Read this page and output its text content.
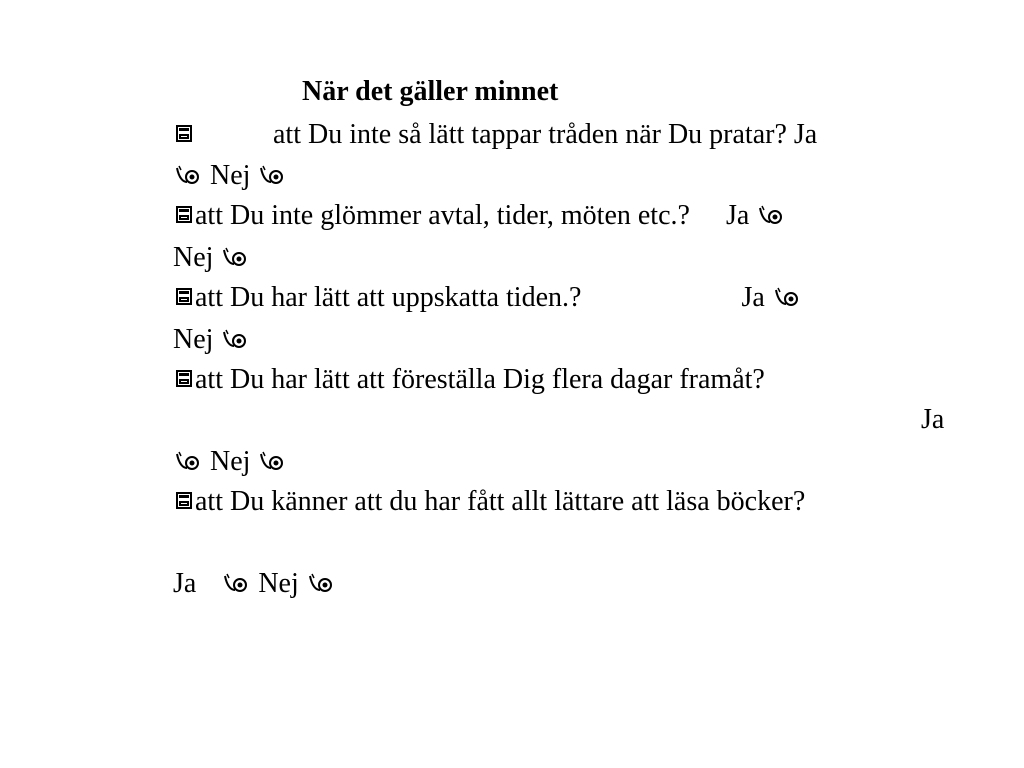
När det gäller minnet
att Du inte så lätt tappar tråden när Du pratar? Ja
Nej
att Du inte glömmer avtal, tider, möten etc.? Ja
Nej
att Du har lätt att uppskatta tiden.?	Ja
Nej
att Du har lätt att föreställa Dig flera dagar framåt?
Ja
Nej
att Du känner att du har fått allt lättare att läsa böcker?
Ja Nej
